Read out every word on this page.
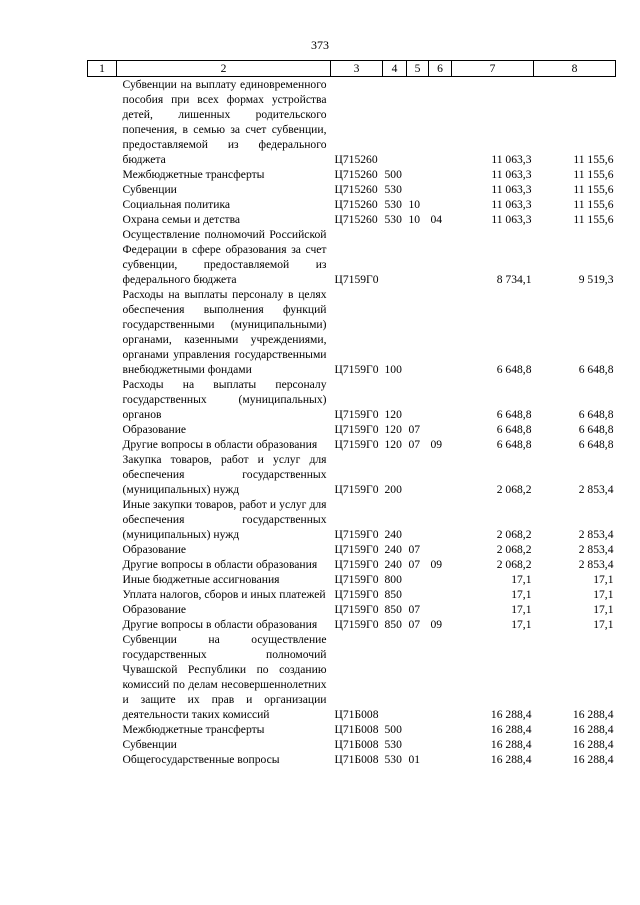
373
1	2	3	4	5	6	7	8
	Субвенции на выплату единовременного пособия при всех формах устройства детей, лишенных родительского попечения, в семью за счет субвенции, предоставляемой из федерального бюджета	Ц715260				11 063,3	11 155,6
	Межбюджетные трансферты	Ц715260	500			11 063,3	11 155,6
	Субвенции	Ц715260	530			11 063,3	11 155,6
	Социальная политика	Ц715260	530	10		11 063,3	11 155,6
	Охрана семьи и детства	Ц715260	530	10	04	11 063,3	11 155,6
	Осуществление полномочий Российской Федерации в сфере образования за счет субвенции, предоставляемой из федерального бюджета	Ц7159Г0				8 734,1	9 519,3
	Расходы на выплаты персоналу в целях обеспечения выполнения функций государственными (муниципальными) органами, казенными учреждениями, органами управления государственными внебюджетными фондами	Ц7159Г0	100			6 648,8	6 648,8
	Расходы на выплаты персоналу государственных (муниципальных) органов	Ц7159Г0	120			6 648,8	6 648,8
	Образование	Ц7159Г0	120	07		6 648,8	6 648,8
	Другие вопросы в области образования	Ц7159Г0	120	07	09	6 648,8	6 648,8
	Закупка товаров, работ и услуг для обеспечения государственных (муниципальных) нужд	Ц7159Г0	200			2 068,2	2 853,4
	Иные закупки товаров, работ и услуг для обеспечения государственных (муниципальных) нужд	Ц7159Г0	240			2 068,2	2 853,4
	Образование	Ц7159Г0	240	07		2 068,2	2 853,4
	Другие вопросы в области образования	Ц7159Г0	240	07	09	2 068,2	2 853,4
	Иные бюджетные ассигнования	Ц7159Г0	800			17,1	17,1
	Уплата налогов, сборов и иных платежей	Ц7159Г0	850			17,1	17,1
	Образование	Ц7159Г0	850	07		17,1	17,1
	Другие вопросы в области образования	Ц7159Г0	850	07	09	17,1	17,1
	Субвенции на осуществление государственных полномочий Чувашской Республики по созданию комиссий по делам несовершеннолетних и защите их прав и организации деятельности таких комиссий	Ц71Б008				16 288,4	16 288,4
	Межбюджетные трансферты	Ц71Б008	500			16 288,4	16 288,4
	Субвенции	Ц71Б008	530			16 288,4	16 288,4
	Общегосударственные вопросы	Ц71Б008	530	01		16 288,4	16 288,4
